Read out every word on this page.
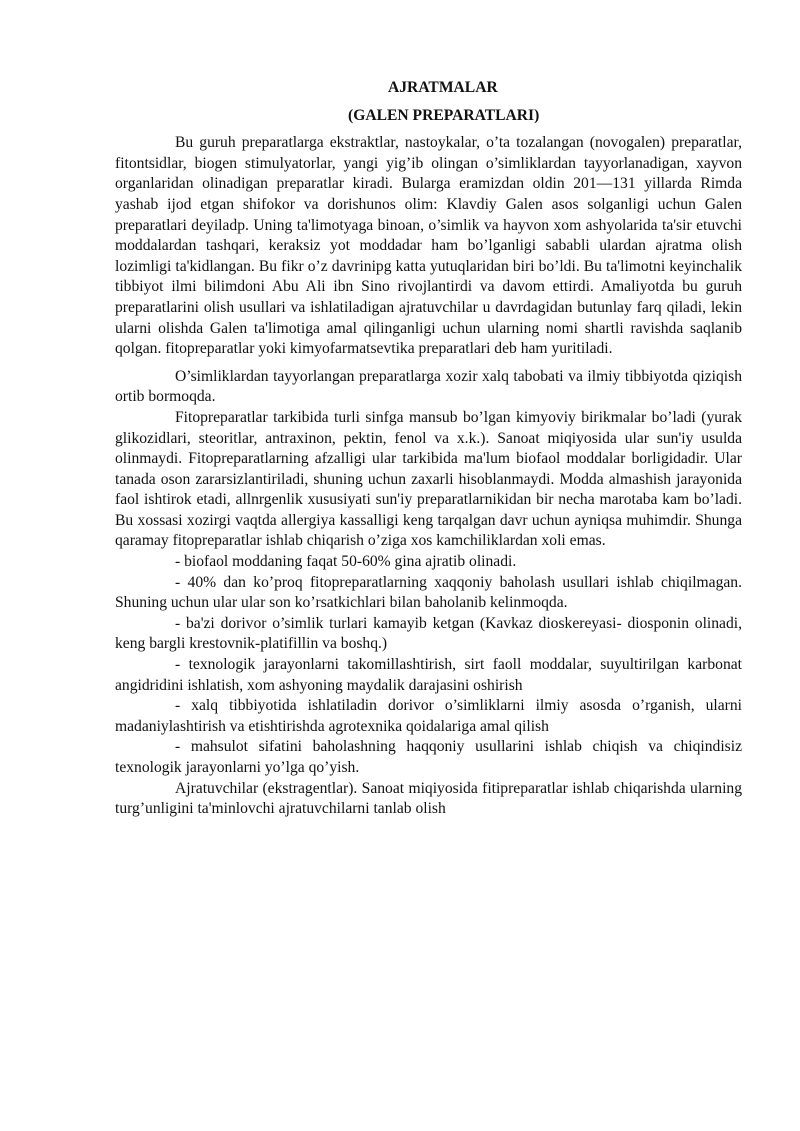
AJRATMALAR

(GALEN PREPARATLARI)

Bu guruh preparatlarga ekstraktlar, nastoykalar, o’ta tozalangan (novogalen) preparatlar, fitontsidlar, biogen stimulyatorlar, yangi yig’ib olingan o’simliklardan tayyorlanadigan, xayvon organlaridan olinadigan preparatlar kiradi. Bularga eramizdan oldin 201—131 yillarda Rimda yashab ijod etgan shifokor va dorishunos olim: Klavdiy Galen asos solganligi uchun Galen preparatlari deyiladp. Uning ta'limotyaga binoan, o’simlik va hayvon xom ashyolarida ta'sir etuvchi moddalardan tashqari, keraksiz yot moddadar ham bo’lganligi sababli ulardan ajratma olish lozimligi ta'kidlangan. Bu fikr o’z davrinipg katta yutuqlaridan biri bo’ldi. Bu ta'limotni keyinchalik tibbiyot ilmi bilimdoni Abu Ali ibn Sino rivojlantirdi va davom ettirdi. Amaliyotda bu guruh preparatlarini olish usullari va ishlatiladigan ajratuvchilar u davrdagidan butunlay farq qiladi, lekin ularni olishda Galen ta'limotiga amal qilinganligi uchun ularning nomi shartli ravishda saqlanib qolgan. fitopreparatlar yoki kimyofarmatsevtika preparatlari deb ham yuritiladi.

O’simliklardan tayyorlangan preparatlarga xozir xalq tabobati va ilmiy tibbiyotda qiziqish ortib bormoqda.

Fitopreparatlar tarkibida turli sinfga mansub bo’lgan kimyoviy birikmalar bo’ladi (yurak glikozidlari, steoritlar, antraxinon, pektin, fenol va x.k.). Sanoat miqiyosida ular sun'iy usulda olinmaydi. Fitopreparatlarning afzalligi ular tarkibida ma'lum biofaol moddalar borligidadir. Ular tanada oson zararsizlantiriladi, shuning uchun zaxarli hisoblanmaydi. Modda almashish jarayonida faol ishtirok etadi, allnrgenlik xususiyati sun'iy preparatlarnikidan bir necha marotaba kam bo’ladi. Bu xossasi xozirgi vaqtda allergiya kassalligi keng tarqalgan davr uchun ayniqsa muhimdir. Shunga qaramay fitopreparatlar ishlab chiqarish o’ziga xos kamchiliklardan xoli emas.

- biofaol moddaning faqat 50-60% gina ajratib olinadi.

- 40% dan ko’proq fitopreparatlarning xaqqoniy baholash usullari ishlab chiqilmagan. Shuning uchun ular ular son ko’rsatkichlari bilan baholanib kelinmoqda.

- ba'zi dorivor o’simlik turlari kamayib ketgan (Kavkaz dioskereyasi- diosponin olinadi, keng bargli krestovnik-platifillin va boshq.)

- texnologik jarayonlarni takomillashtirish, sirt faoll moddalar, suyultirilgan karbonat angidridini ishlatish, xom ashyoning maydalik darajasini oshirish

- xalq tibbiyotida ishlatiladin dorivor o’simliklarni ilmiy asosda o’rganish, ularni madaniylashtirish va etishtirishda agrotexnika qoidalariga amal qilish

- mahsulot sifatini baholashning haqqoniy usullarini ishlab chiqish va chiqindisiz texnologik jarayonlarni yo’lga qo’yish.

Ajratuvchilar (ekstragentlar). Sanoat miqiyosida fitipreparatlar ishlab chiqarishda ularning turg’unligini ta'minlovchi ajratuvchilarni tanlab olish
